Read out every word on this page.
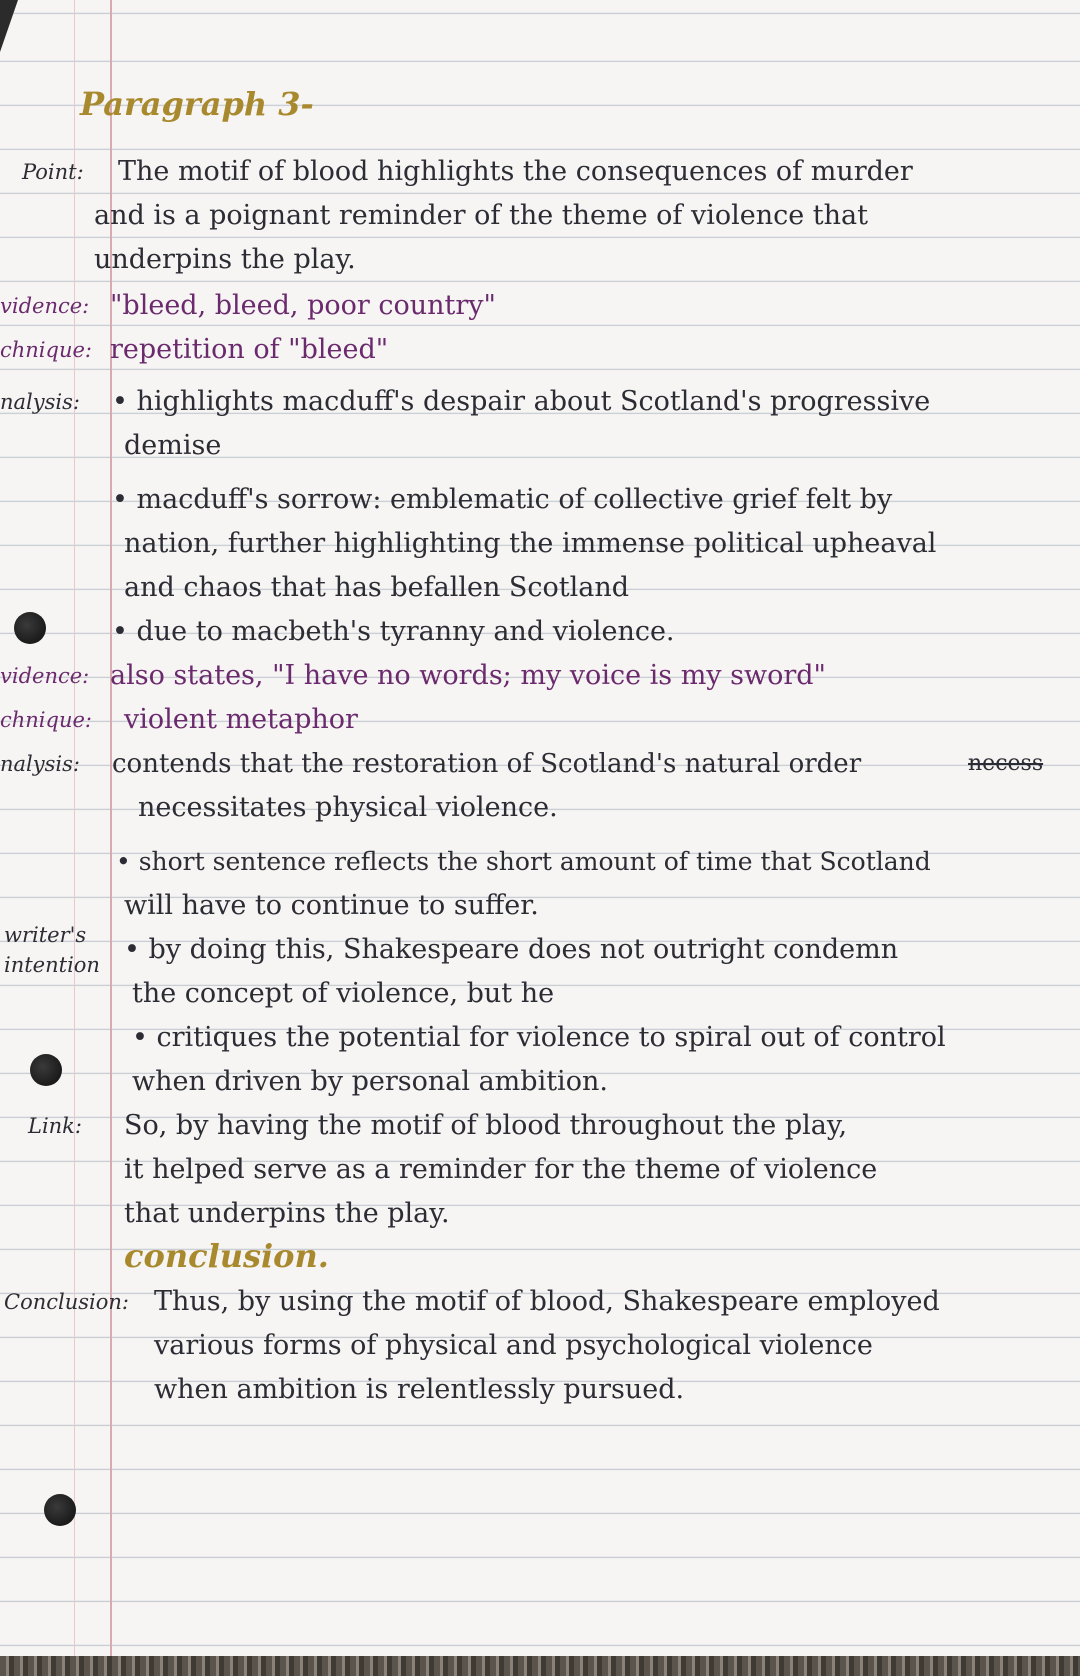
Paragraph 3-
Point: The motif of blood highlights the consequences of murder
and is a poignant reminder of the theme of violence that
underpins the play.
vidence: "bleed, bleed, poor country"
chnique: repetition of "bleed"
nalysis: • highlights macduff's despair about Scotland's progressive
demise
• macduff's sorrow: emblematic of collective grief felt by
nation, further highlighting the immense political upheaval
and chaos that has befallen Scotland
• due to macbeth's tyranny and violence.
vidence: also states, "I have no words; my voice is my sword"
chnique: violent metaphor
nalysis: contends that the restoration of Scotland's natural order	necess
necessitates physical violence.
• short sentence reflects the short amount of time that Scotland
will have to continue to suffer.
writer's
intention • by doing this, Shakespeare does not outright condemn
the concept of violence, but he
• critiques the potential for violence to spiral out of control
when driven by personal ambition.
Link: So, by having the motif of blood throughout the play,
it helped serve as a reminder for the theme of violence
that underpins the play.
conclusion.
Conclusion: Thus, by using the motif of blood, Shakespeare employed
various forms of physical and psychological violence
when ambition is relentlessly pursued.
